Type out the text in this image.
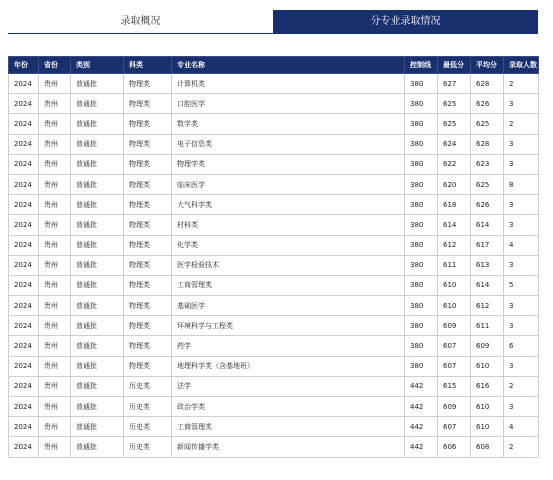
录取概况	分专业录取情况
年份	省份	类别	科类	专业名称	控制线	最低分	平均分	录取人数
2024	贵州	普通批	物理类	计算机类	380	627	628	2
2024	贵州	普通批	物理类	口腔医学	380	625	626	3
2024	贵州	普通批	物理类	数学类	380	625	625	2
2024	贵州	普通批	物理类	电子信息类	380	624	628	3
2024	贵州	普通批	物理类	物理学类	380	622	623	3
2024	贵州	普通批	物理类	临床医学	380	620	625	8
2024	贵州	普通批	物理类	大气科学类	380	618	626	3
2024	贵州	普通批	物理类	材料类	380	614	614	3
2024	贵州	普通批	物理类	化学类	380	612	617	4
2024	贵州	普通批	物理类	医学检验技术	380	611	613	3
2024	贵州	普通批	物理类	工商管理类	380	610	614	5
2024	贵州	普通批	物理类	基础医学	380	610	612	3
2024	贵州	普通批	物理类	环境科学与工程类	380	609	611	3
2024	贵州	普通批	物理类	药学	380	607	609	6
2024	贵州	普通批	物理类	地理科学类（含基地班）	380	607	610	3
2024	贵州	普通批	历史类	法学	442	615	616	2
2024	贵州	普通批	历史类	政治学类	442	609	610	3
2024	贵州	普通批	历史类	工商管理类	442	607	610	4
2024	贵州	普通批	历史类	新闻传播学类	442	606	608	2
